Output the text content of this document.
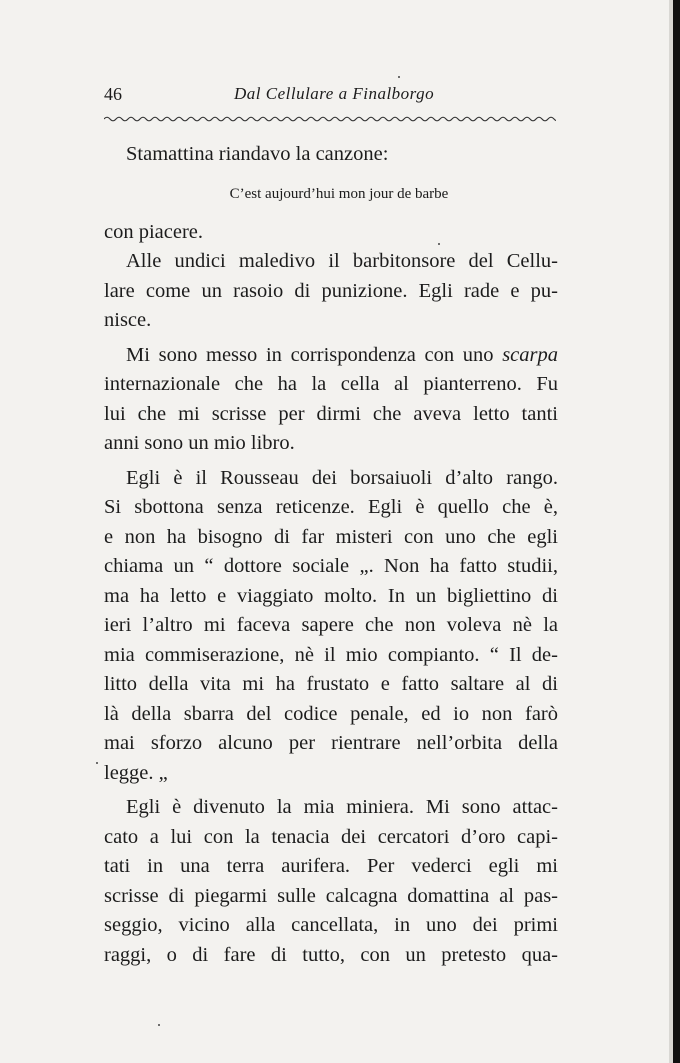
46	Dal Cellulare a Finalborgo
Stamattina riandavo la canzone:
C’est aujourd’hui mon jour de barbe
con piacere.
Alle undici maledivo il barbitonsore del Cellu-
lare come un rasoio di punizione. Egli rade e pu-
nisce.
Mi sono messo in corrispondenza con uno scarpa
internazionale che ha la cella al pianterreno. Fu
lui che mi scrisse per dirmi che aveva letto tanti
anni sono un mio libro.
Egli è il Rousseau dei borsaiuoli d’alto rango.
Si sbottona senza reticenze. Egli è quello che è,
e non ha bisogno di far misteri con uno che egli
chiama un “ dottore sociale „. Non ha fatto studii,
ma ha letto e viaggiato molto. In un bigliettino di
ieri l’altro mi faceva sapere che non voleva nè la
mia commiserazione, nè il mio compianto. “ Il de-
litto della vita mi ha frustato e fatto saltare al di
là della sbarra del codice penale, ed io non farò
mai sforzo alcuno per rientrare nell’orbita della
legge. „
Egli è divenuto la mia miniera. Mi sono attac-
cato a lui con la tenacia dei cercatori d’oro capi-
tati in una terra aurifera. Per vederci egli mi
scrisse di piegarmi sulle calcagna domattina al pas-
seggio, vicino alla cancellata, in uno dei primi
raggi, o di fare di tutto, con un pretesto qua-
